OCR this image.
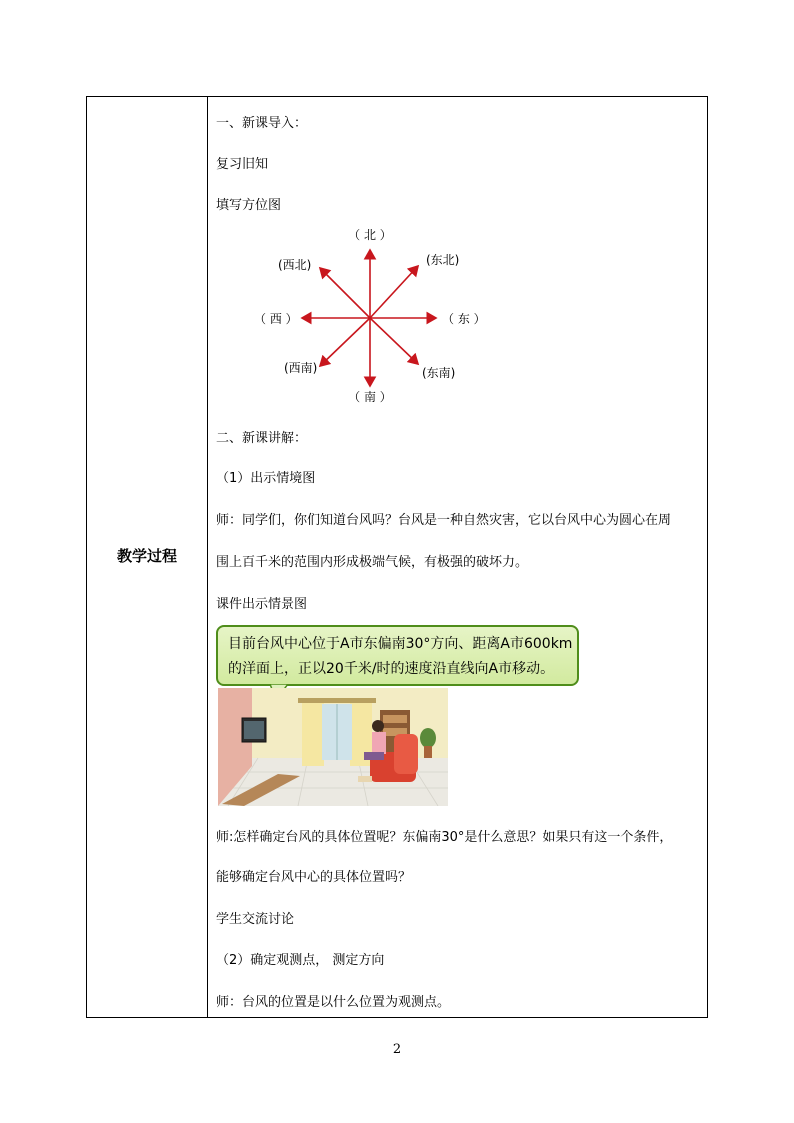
教学过程
一、新课导入：
复习旧知
填写方位图
（ 北 ）
(东北)
（ 东 ）
(东南)
（ 南 ）
(西南)
（ 西 ）
(西北)
二、新课讲解：
（1）出示情境图
师：同学们，你们知道台风吗？台风是一种自然灾害，它以台风中心为圆心在周
围上百千米的范围内形成极端气候，有极强的破坏力。
课件出示情景图
目前台风中心位于A市东偏南30°方向、距离A市600km
的洋面上，正以20千米/时的速度沿直线向A市移动。
师:怎样确定台风的具体位置呢？东偏南30°是什么意思？如果只有这一个条件，
能够确定台风中心的具体位置吗？
学生交流讨论
（2）确定观测点， 测定方向
师：台风的位置是以什么位置为观测点。
2
